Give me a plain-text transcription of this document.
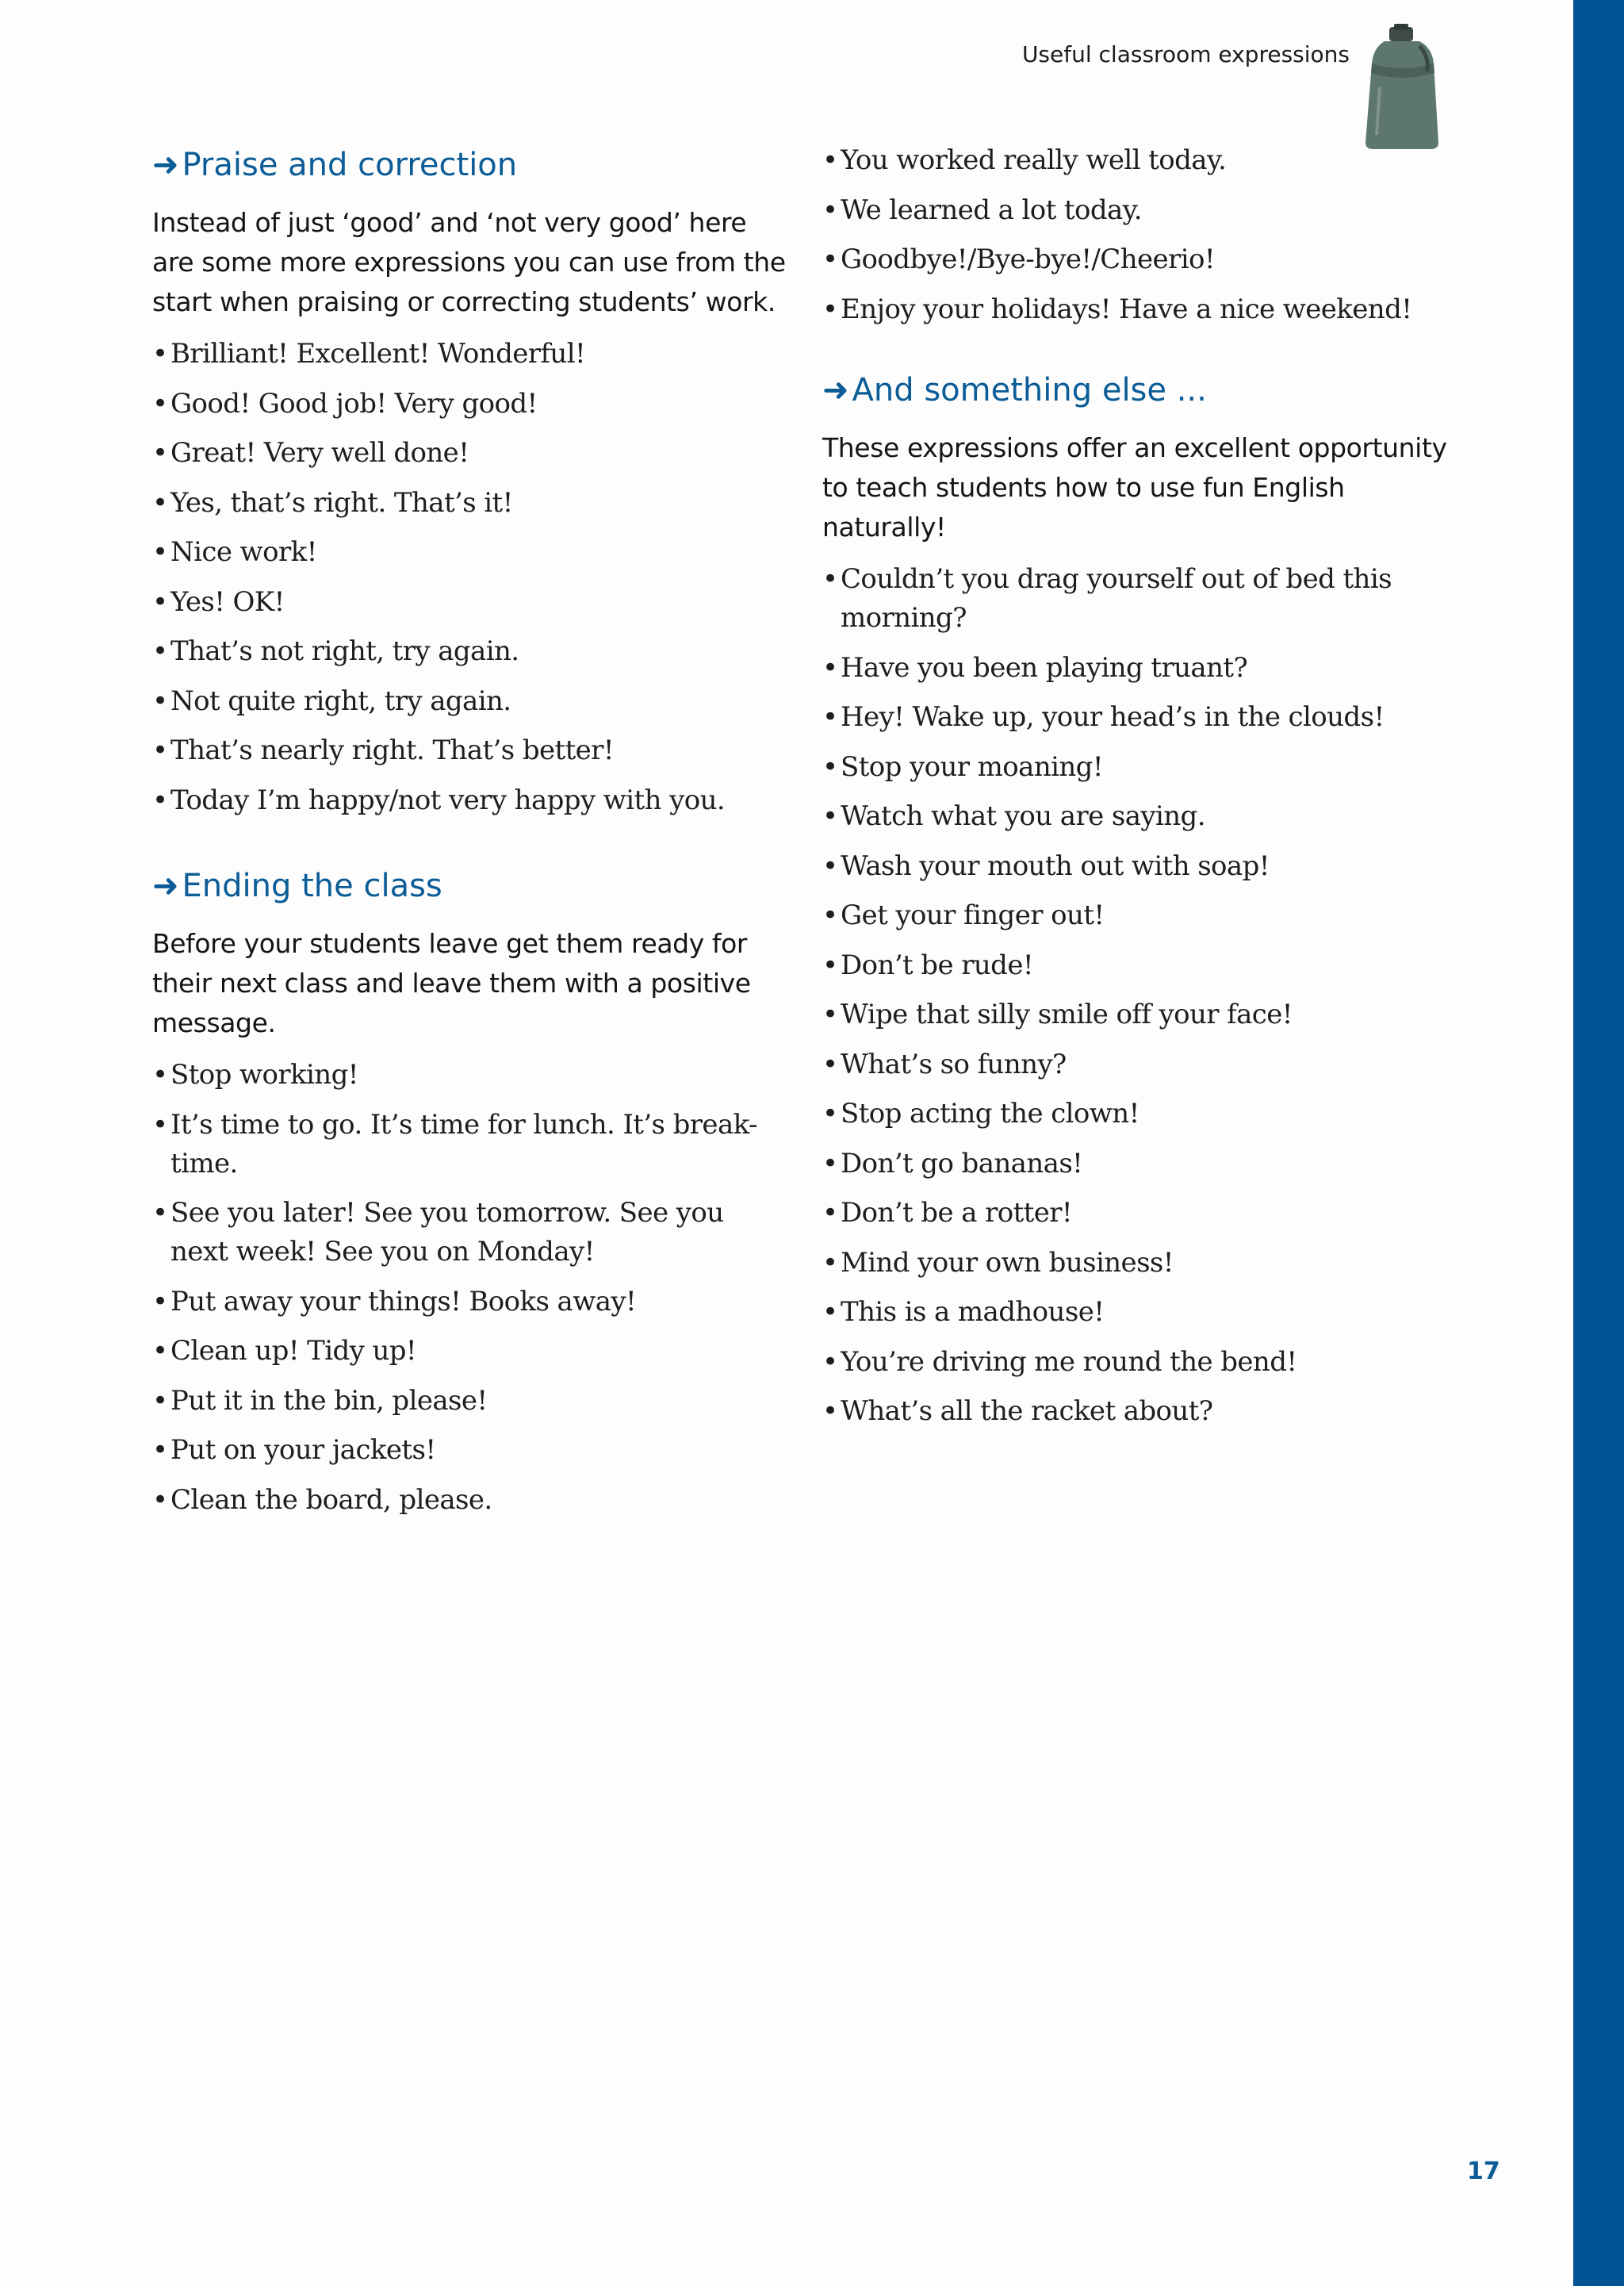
Useful classroom expressions
➜ Praise and correction

Instead of just ‘good’ and ‘not very good’ here are some more expressions you can use from the start when praising or correcting students’ work.

• Brilliant! Excellent! Wonderful!
• Good! Good job! Very good!
• Great! Very well done!
• Yes, that’s right. That’s it!
• Nice work!
• Yes! OK!
• That’s not right, try again.
• Not quite right, try again.
• That’s nearly right. That’s better!
• Today I’m happy/not very happy with you.
➜ Ending the class

Before your students leave get them ready for their next class and leave them with a positive message.

• Stop working!
• It’s time to go. It’s time for lunch. It’s break-time.
• See you later! See you tomorrow. See you next week! See you on Monday!
• Put away your things! Books away!
• Clean up! Tidy up!
• Put it in the bin, please!
• Put on your jackets!
• Clean the board, please.
• You worked really well today.
• We learned a lot today.
• Goodbye!/Bye-bye!/Cheerio!
• Enjoy your holidays! Have a nice weekend!
➜ And something else ...

These expressions offer an excellent opportunity to teach students how to use fun English naturally!

• Couldn’t you drag yourself out of bed this morning?
• Have you been playing truant?
• Hey! Wake up, your head’s in the clouds!
• Stop your moaning!
• Watch what you are saying.
• Wash your mouth out with soap!
• Get your finger out!
• Don’t be rude!
• Wipe that silly smile off your face!
• What’s so funny?
• Stop acting the clown!
• Don’t go bananas!
• Don’t be a rotter!
• Mind your own business!
• This is a madhouse!
• You’re driving me round the bend!
• What’s all the racket about?
17
